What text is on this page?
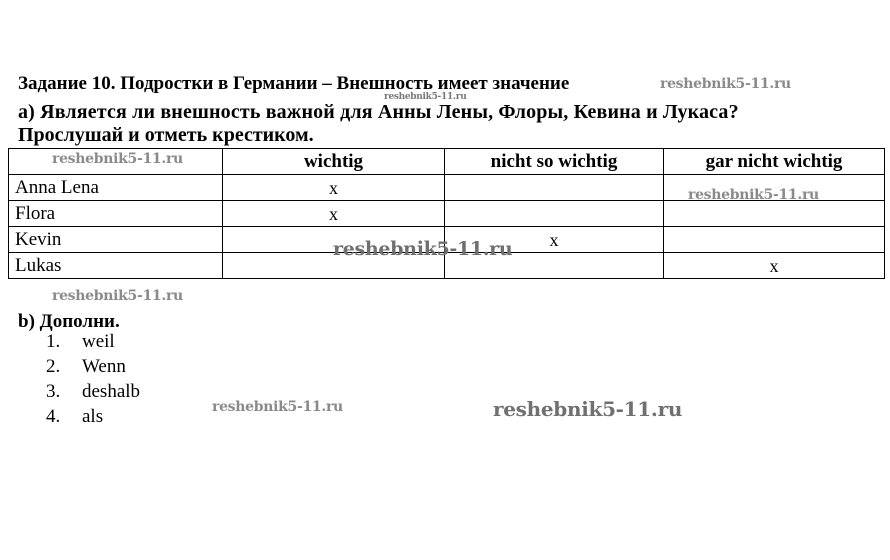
Задание 10. Подростки в Германии – Внешность имеет значение
a) Является ли внешность важной для Анны Лены, Флоры, Кевина и Лукаса?
Прослушай и отметь крестиком.
	wichtig	nicht so wichtig	gar nicht wichtig
Anna Lena	x		
Flora	x		
Kevin		x	
Lukas			x
b) Дополни.
1. weil
2. Wenn
3. deshalb
4. als
reshebnik5-11.ru
reshebnik5-11.ru
reshebnik5-11.ru
reshebnik5-11.ru
reshebnik5-11.ru
reshebnik5-11.ru
reshebnik5-11.ru	reshebnik5-11.ru
